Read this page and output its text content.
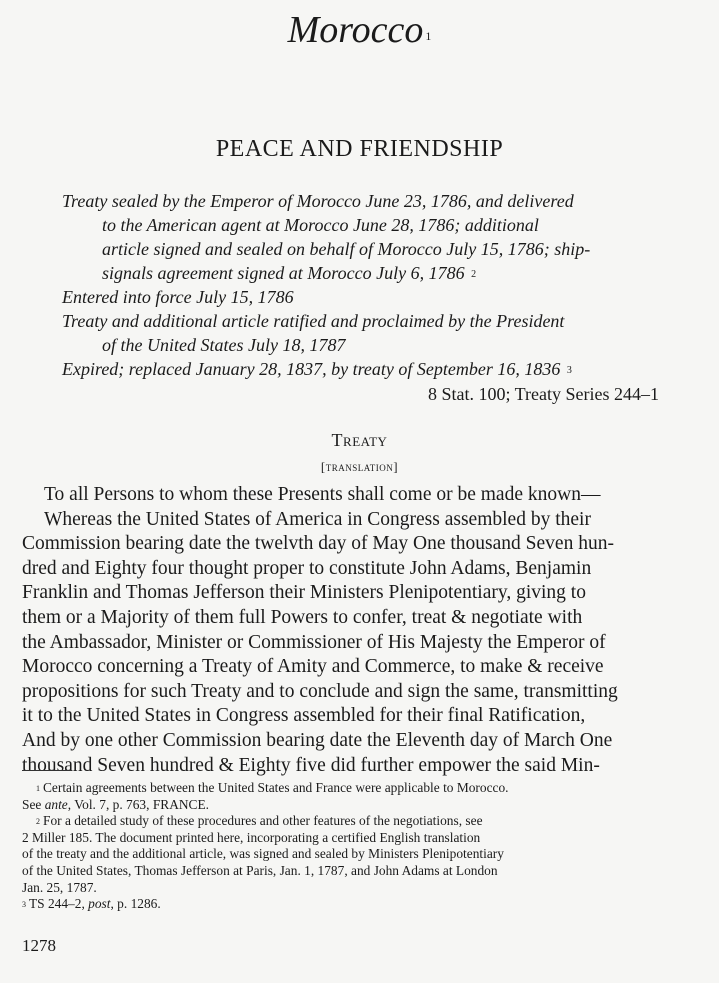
Morocco $^1$
PEACE AND FRIENDSHIP
Treaty sealed by the Emperor of Morocco June 23, 1786, and delivered
to the American agent at Morocco June 28, 1786; additional
article signed and sealed on behalf of Morocco July 15, 1786; ship-
signals agreement signed at Morocco July 6, 1786 $^2$
Entered into force July 15, 1786
Treaty and additional article ratified and proclaimed by the President
of the United States July 18, 1787
Expired; replaced January 28, 1837, by treaty of September 16, 1836 $^3$
8 Stat. 100; Treaty Series 244–1
Treaty
[translation]
To all Persons to whom these Presents shall come or be made known—
Whereas the United States of America in Congress assembled by their
Commission bearing date the twelvth day of May One thousand Seven hun-
dred and Eighty four thought proper to constitute John Adams, Benjamin
Franklin and Thomas Jefferson their Ministers Plenipotentiary, giving to
them or a Majority of them full Powers to confer, treat & negotiate with
the Ambassador, Minister or Commissioner of His Majesty the Emperor of
Morocco concerning a Treaty of Amity and Commerce, to make & receive
propositions for such Treaty and to conclude and sign the same, transmitting
it to the United States in Congress assembled for their final Ratification,
And by one other Commission bearing date the Eleventh day of March One
thousand Seven hundred & Eighty five did further empower the said Min-
$^1$ Certain agreements between the United States and France were applicable to Morocco.
See ante, Vol. 7, p. 763, FRANCE.
$^2$ For a detailed study of these procedures and other features of the negotiations, see
2 Miller 185. The document printed here, incorporating a certified English translation
of the treaty and the additional article, was signed and sealed by Ministers Plenipotentiary
of the United States, Thomas Jefferson at Paris, Jan. 1, 1787, and John Adams at London
Jan. 25, 1787.
$^3$ TS 244–2, post, p. 1286.
1278
